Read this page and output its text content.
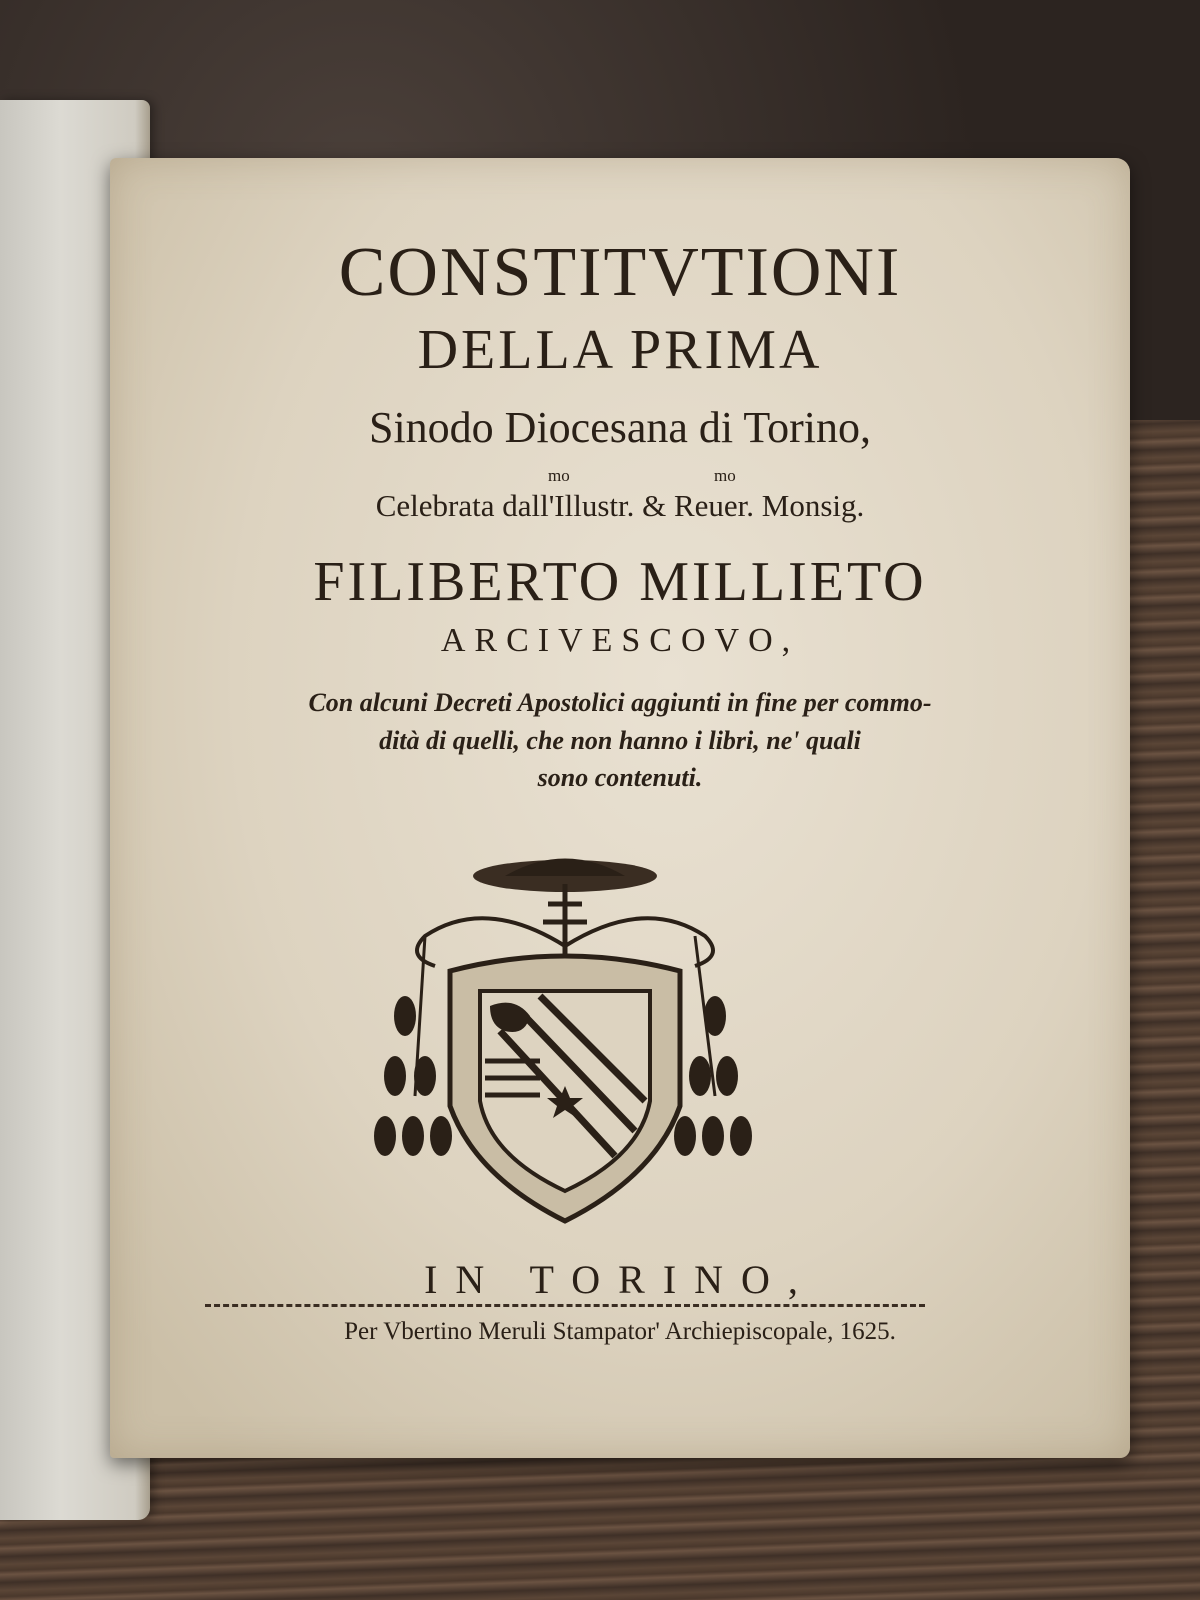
CONSTITVTIONI
DELLA PRIMA
Sinodo Diocesana di Torino,
mo	mo
Celebrata dall'Illustr. & Reuer. Monsig.
FILIBERTO MILLIETO
ARCIVESCOVO,
Con alcuni Decreti Apostolici aggiunti in fine per commo-
dità di quelli, che non hanno i libri, ne' quali
sono contenuti.
IN TORINO,
Per Vbertino Meruli Stampator' Archiepiscopale, 1625.
